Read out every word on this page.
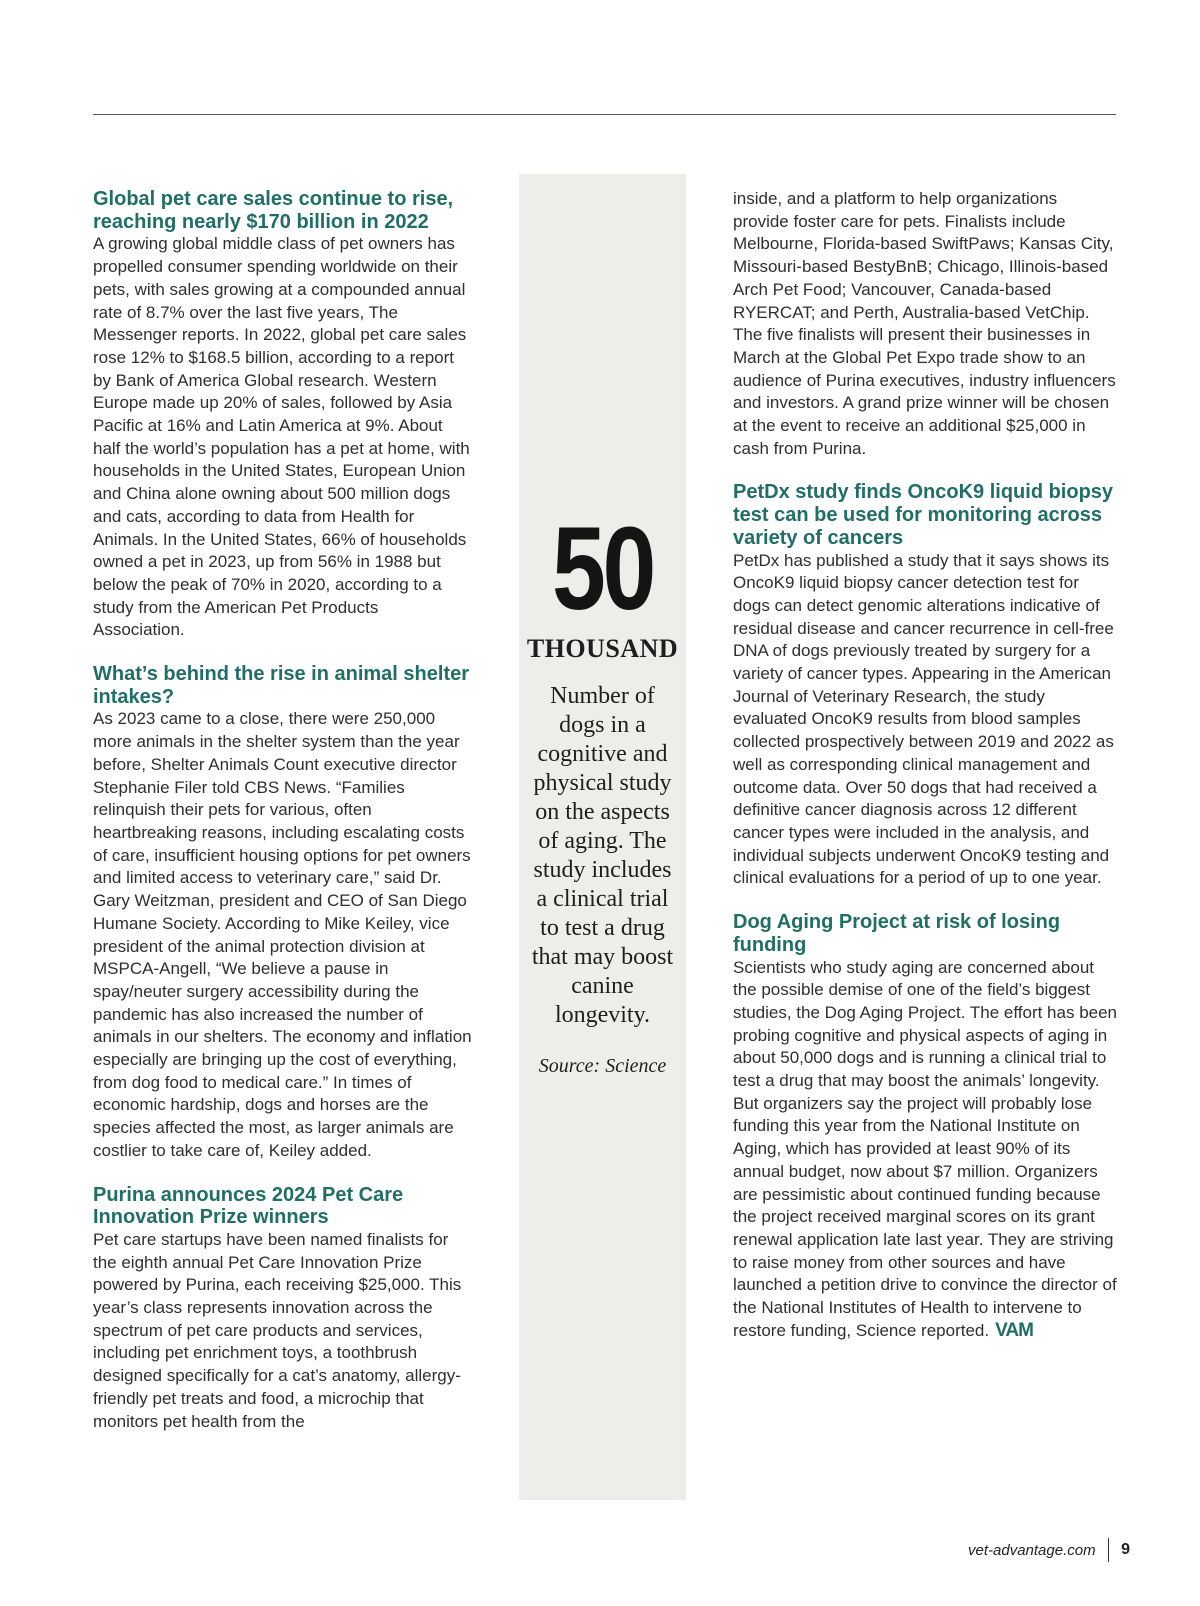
Global pet care sales continue to rise, reaching nearly $170 billion in 2022

A growing global middle class of pet owners has propelled consumer spending worldwide on their pets, with sales growing at a compounded annual rate of 8.7% over the last five years, The Messenger reports. In 2022, global pet care sales rose 12% to $168.5 billion, according to a report by Bank of America Global research. Western Europe made up 20% of sales, followed by Asia Pacific at 16% and Latin America at 9%. About half the world’s population has a pet at home, with households in the United States, European Union and China alone owning about 500 million dogs and cats, according to data from Health for Animals. In the United States, 66% of households owned a pet in 2023, up from 56% in 1988 but below the peak of 70% in 2020, according to a study from the American Pet Products Association.

What’s behind the rise in animal shelter intakes?

As 2023 came to a close, there were 250,000 more animals in the shelter system than the year before, Shelter Animals Count executive director Stephanie Filer told CBS News. “Families relinquish their pets for various, often heartbreaking reasons, including escalating costs of care, insufficient housing options for pet owners and limited access to veterinary care,” said Dr. Gary Weitzman, president and CEO of San Diego Humane Society. According to Mike Keiley, vice president of the animal protection division at MSPCA-Angell, “We believe a pause in spay/neuter surgery accessibility during the pandemic has also increased the number of animals in our shelters. The economy and inflation especially are bringing up the cost of everything, from dog food to medical care.” In times of economic hardship, dogs and horses are the species affected the most, as larger animals are costlier to take care of, Keiley added.

Purina announces 2024 Pet Care Innovation Prize winners

Pet care startups have been named finalists for the eighth annual Pet Care Innovation Prize powered by Purina, each receiving $25,000. This year’s class represents innovation across the spectrum of pet care products and services, including pet enrichment toys, a toothbrush designed specifically for a cat’s anatomy, allergy-friendly pet treats and food, a microchip that monitors pet health from the

50
THOUSAND
Number of dogs in a cognitive and physical study on the aspects of aging. The study includes a clinical trial to test a drug that may boost canine longevity.
Source: Science

inside, and a platform to help organizations provide foster care for pets. Finalists include Melbourne, Florida-based SwiftPaws; Kansas City, Missouri-based BestyBnB; Chicago, Illinois-based Arch Pet Food; Vancouver, Canada-based RYERCAT; and Perth, Australia-based VetChip. The five finalists will present their businesses in March at the Global Pet Expo trade show to an audience of Purina executives, industry influencers and investors. A grand prize winner will be chosen at the event to receive an additional $25,000 in cash from Purina.

PetDx study finds OncoK9 liquid biopsy test can be used for monitoring across variety of cancers

PetDx has published a study that it says shows its OncoK9 liquid biopsy cancer detection test for dogs can detect genomic alterations indicative of residual disease and cancer recurrence in cell-free DNA of dogs previously treated by surgery for a variety of cancer types. Appearing in the American Journal of Veterinary Research, the study evaluated OncoK9 results from blood samples collected prospectively between 2019 and 2022 as well as corresponding clinical management and outcome data. Over 50 dogs that had received a definitive cancer diagnosis across 12 different cancer types were included in the analysis, and individual subjects underwent OncoK9 testing and clinical evaluations for a period of up to one year.

Dog Aging Project at risk of losing funding

Scientists who study aging are concerned about the possible demise of one of the field’s biggest studies, the Dog Aging Project. The effort has been probing cognitive and physical aspects of aging in about 50,000 dogs and is running a clinical trial to test a drug that may boost the animals’ longevity. But organizers say the project will probably lose funding this year from the National Institute on Aging, which has provided at least 90% of its annual budget, now about $7 million. Organizers are pessimistic about continued funding because the project received marginal scores on its grant renewal application late last year. They are striving to raise money from other sources and have launched a petition drive to convince the director of the National Institutes of Health to intervene to restore funding, Science reported. VAM

vet-advantage.com 9
